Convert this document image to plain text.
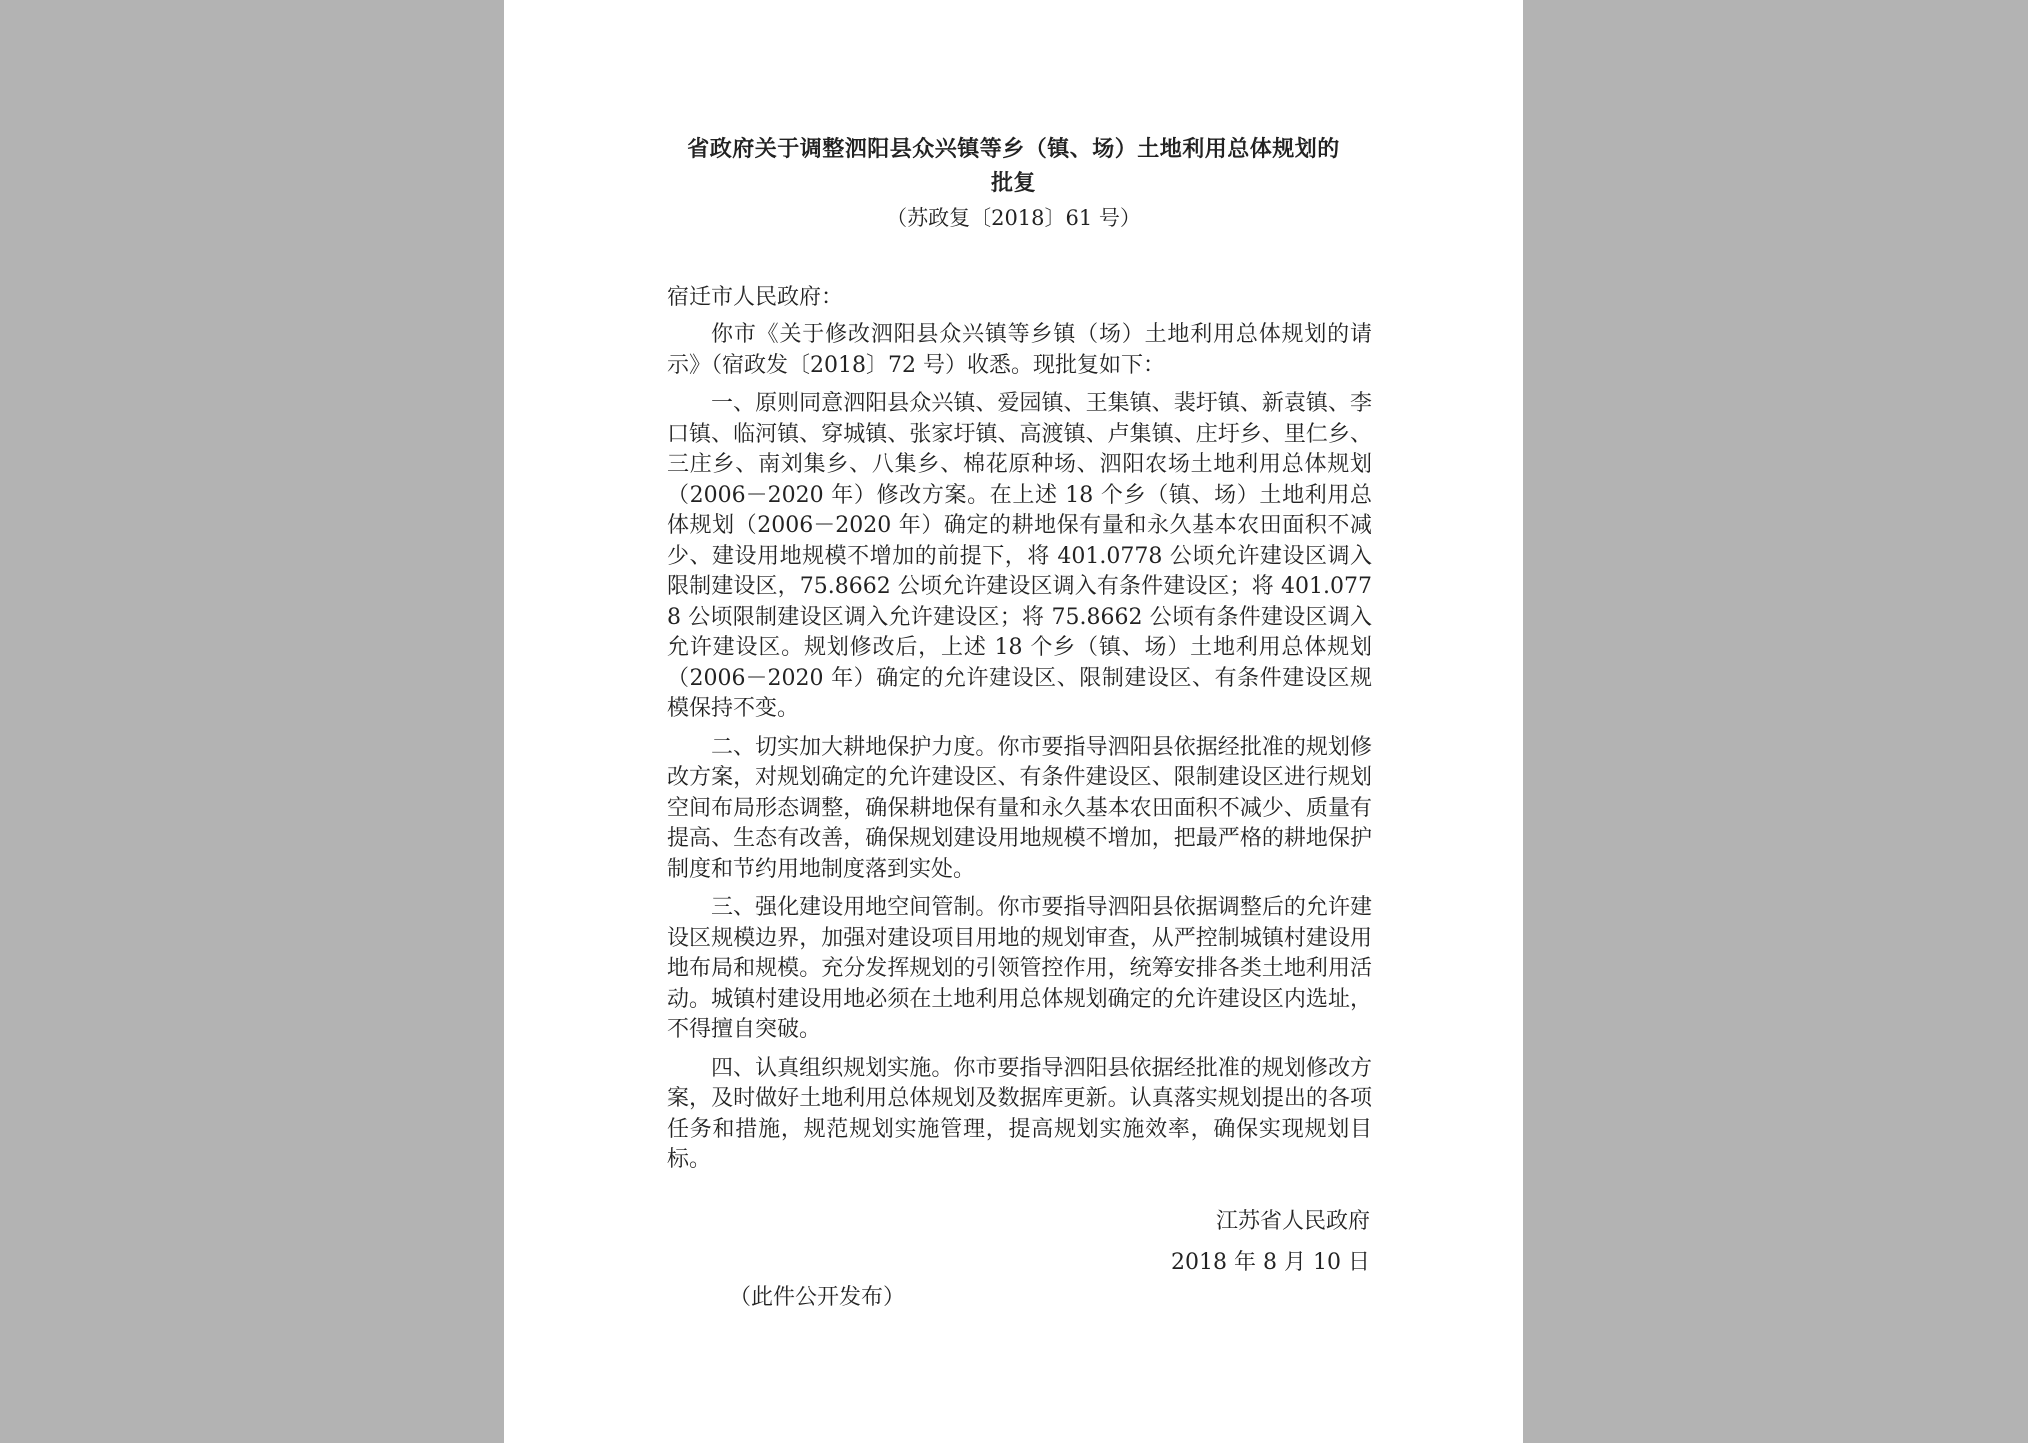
省政府关于调整泗阳县众兴镇等乡（镇、场）土地利用总体规划的
批复
（苏政复〔2018〕61 号）
宿迁市人民政府：

你市《关于修改泗阳县众兴镇等乡镇（场）土地利用总体规划的请示》（宿政发〔2018〕72 号）收悉。现批复如下：

一、原则同意泗阳县众兴镇、爱园镇、王集镇、裴圩镇、新袁镇、李口镇、临河镇、穿城镇、张家圩镇、高渡镇、卢集镇、庄圩乡、里仁乡、三庄乡、南刘集乡、八集乡、棉花原种场、泗阳农场土地利用总体规划（2006－2020 年）修改方案。在上述 18 个乡（镇、场）土地利用总体规划（2006－2020 年）确定的耕地保有量和永久基本农田面积不减少、建设用地规模不增加的前提下，将 401.0778 公顷允许建设区调入限制建设区，75.8662 公顷允许建设区调入有条件建设区；将 401.0778 公顷限制建设区调入允许建设区；将 75.8662 公顷有条件建设区调入允许建设区。规划修改后，上述 18 个乡（镇、场）土地利用总体规划（2006－2020 年）确定的允许建设区、限制建设区、有条件建设区规模保持不变。

二、切实加大耕地保护力度。你市要指导泗阳县依据经批准的规划修改方案，对规划确定的允许建设区、有条件建设区、限制建设区进行规划空间布局形态调整，确保耕地保有量和永久基本农田面积不减少、质量有提高、生态有改善，确保规划建设用地规模不增加，把最严格的耕地保护制度和节约用地制度落到实处。

三、强化建设用地空间管制。你市要指导泗阳县依据调整后的允许建设区规模边界，加强对建设项目用地的规划审查，从严控制城镇村建设用地布局和规模。充分发挥规划的引领管控作用，统筹安排各类土地利用活动。城镇村建设用地必须在土地利用总体规划确定的允许建设区内选址，不得擅自突破。

四、认真组织规划实施。你市要指导泗阳县依据经批准的规划修改方案，及时做好土地利用总体规划及数据库更新。认真落实规划提出的各项任务和措施，规范规划实施管理，提高规划实施效率，确保实现规划目标。

江苏省人民政府
2018 年 8 月 10 日
（此件公开发布）
